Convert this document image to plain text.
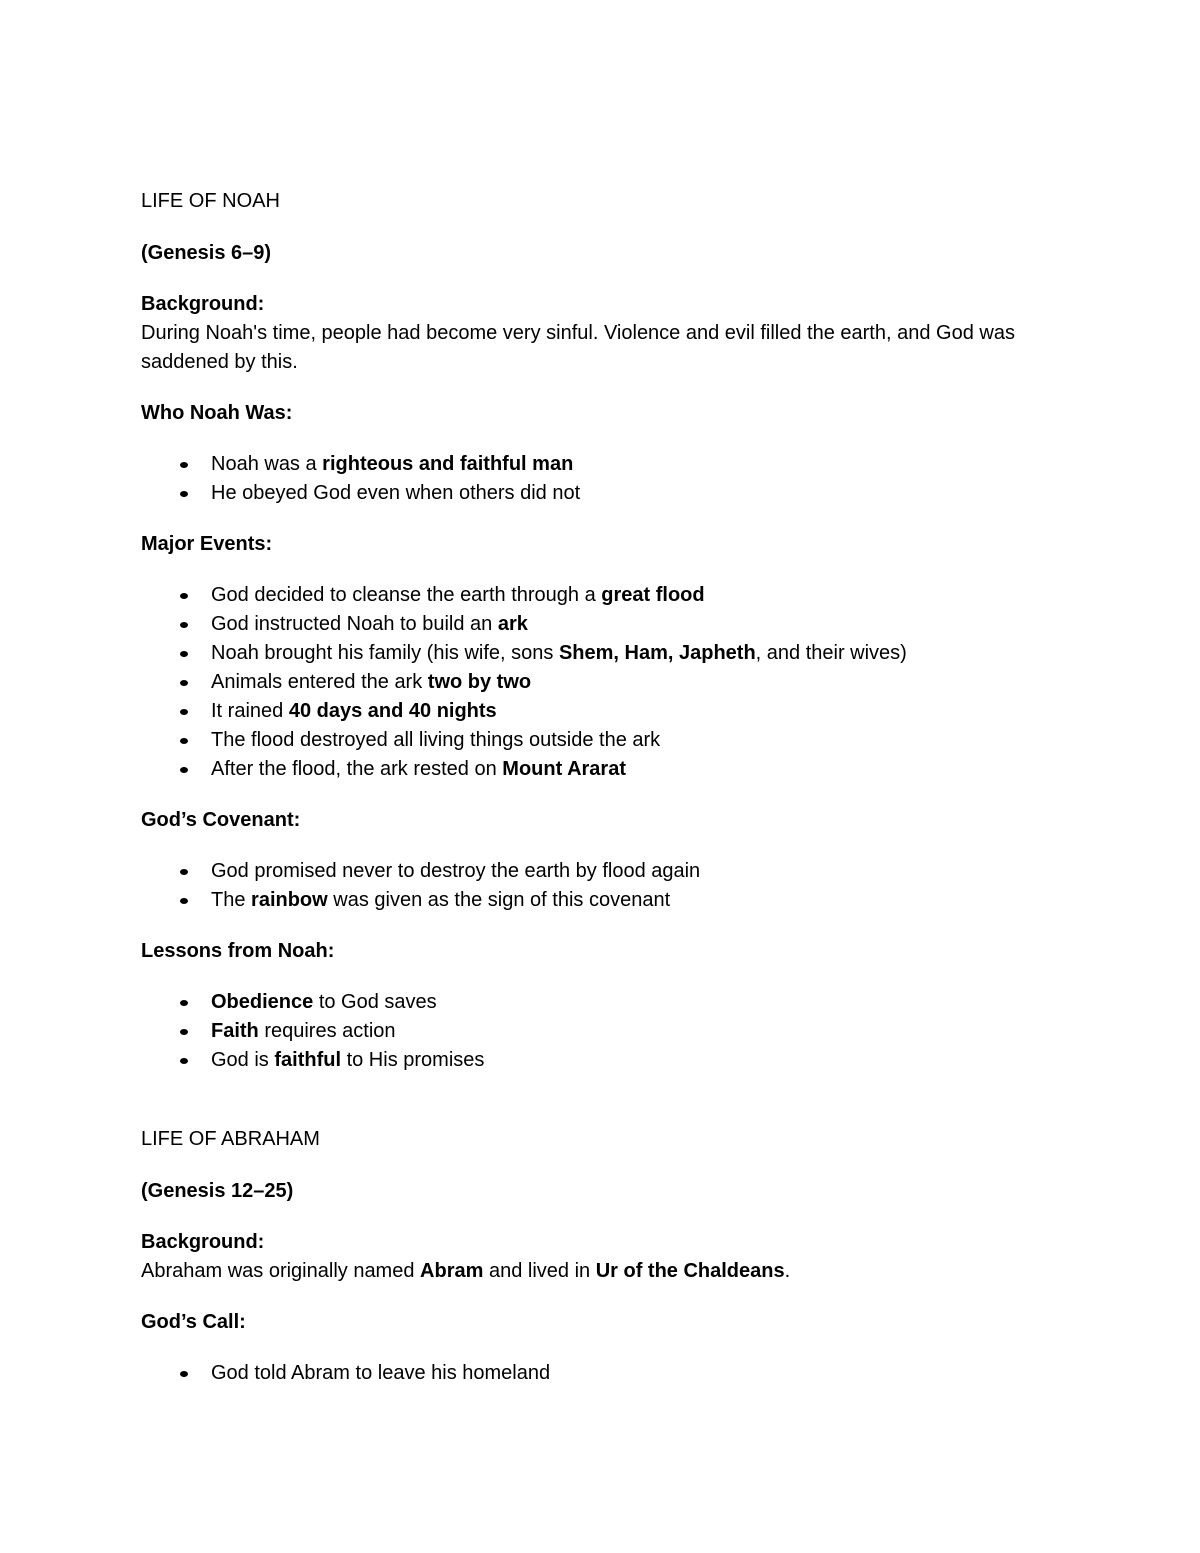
LIFE OF NOAH

(Genesis 6–9)

Background:

During Noah's time, people had become very sinful. Violence and evil filled the earth, and God was saddened by this.

Who Noah Was:

Noah was a righteous and faithful man
He obeyed God even when others did not

Major Events:

God decided to cleanse the earth through a great flood
God instructed Noah to build an ark
Noah brought his family (his wife, sons Shem, Ham, Japheth, and their wives)
Animals entered the ark two by two
It rained 40 days and 40 nights
The flood destroyed all living things outside the ark
After the flood, the ark rested on Mount Ararat

God’s Covenant:

God promised never to destroy the earth by flood again
The rainbow was given as the sign of this covenant

Lessons from Noah:

Obedience to God saves
Faith requires action
God is faithful to His promises

LIFE OF ABRAHAM

(Genesis 12–25)

Background:

Abraham was originally named Abram and lived in Ur of the Chaldeans.

God’s Call:

God told Abram to leave his homeland
